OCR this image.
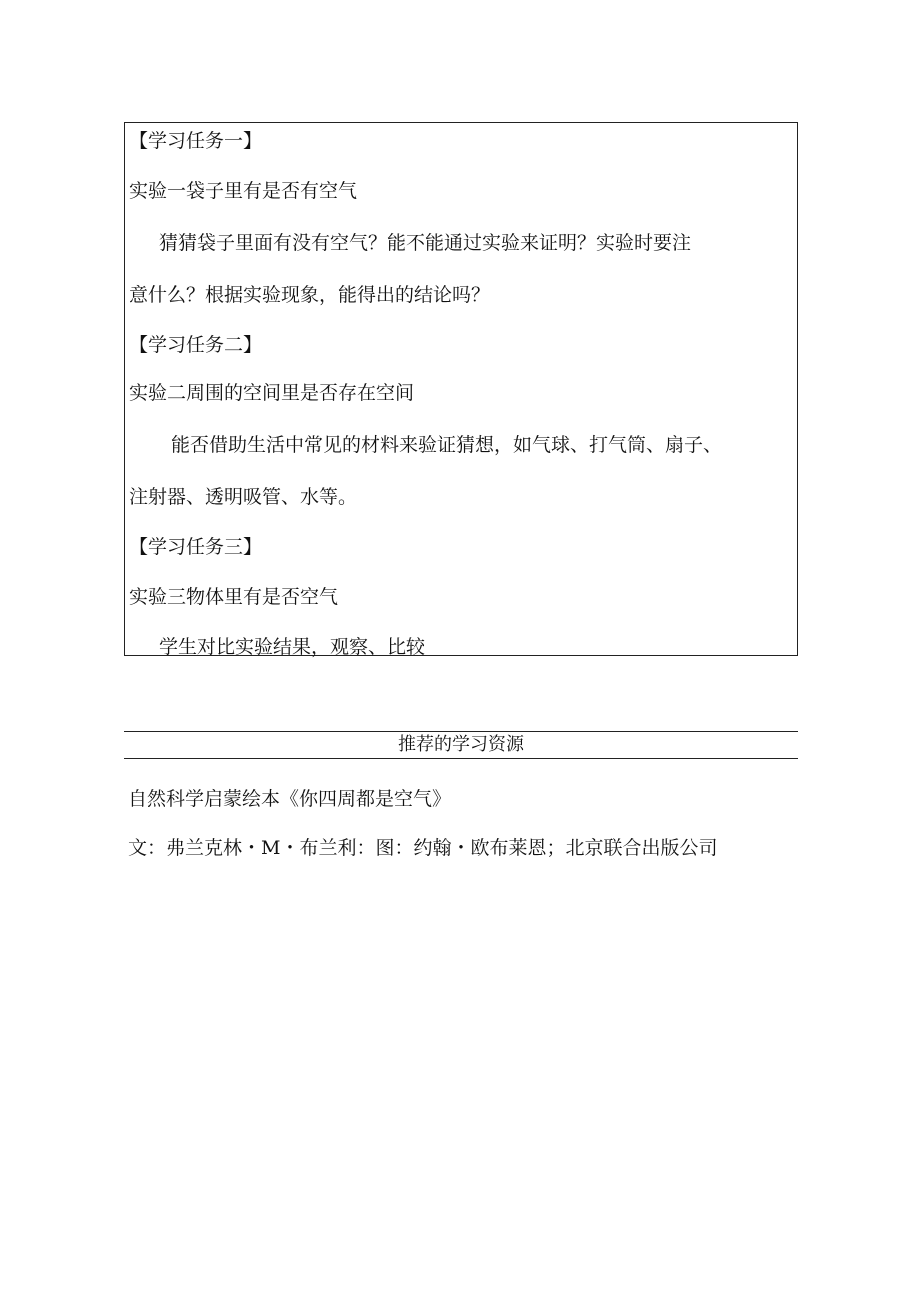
【学习任务一】
实验一袋子里有是否有空气
猜猜袋子里面有没有空气？能不能通过实验来证明？实验时要注
意什么？根据实验现象，能得出的结论吗？
【学习任务二】
实验二周围的空间里是否存在空间
能否借助生活中常见的材料来验证猜想，如气球、打气筒、扇子、
注射器、透明吸管、水等。
【学习任务三】
实验三物体里有是否空气
学生对比实验结果，观察、比较
推荐的学习资源
自然科学启蒙绘本《你四周都是空气》
文：弗兰克林・M・布兰利：图：约翰・欧布莱恩；北京联合出版公司
